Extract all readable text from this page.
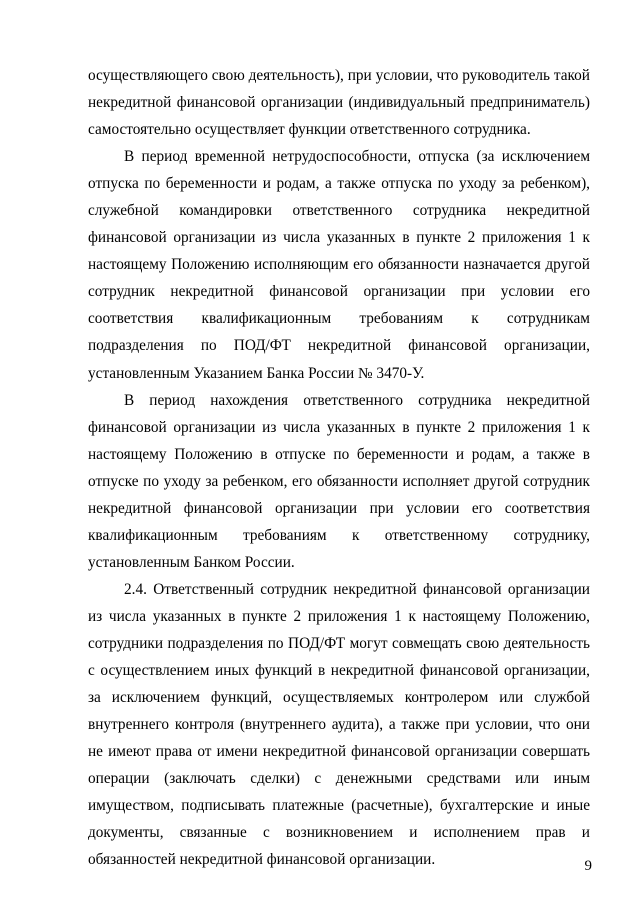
осуществляющего свою деятельность), при условии, что руководитель такой некредитной финансовой организации (индивидуальный предприниматель) самостоятельно осуществляет функции ответственного сотрудника.

В период временной нетрудоспособности, отпуска (за исключением отпуска по беременности и родам, а также отпуска по уходу за ребенком), служебной командировки ответственного сотрудника некредитной финансовой организации из числа указанных в пункте 2 приложения 1 к настоящему Положению исполняющим его обязанности назначается другой сотрудник некредитной финансовой организации при условии его соответствия квалификационным требованиям к сотрудникам подразделения по ПОД/ФТ некредитной финансовой организации, установленным Указанием Банка России № 3470-У.

В период нахождения ответственного сотрудника некредитной финансовой организации из числа указанных в пункте 2 приложения 1 к настоящему Положению в отпуске по беременности и родам, а также в отпуске по уходу за ребенком, его обязанности исполняет другой сотрудник некредитной финансовой организации при условии его соответствия квалификационным требованиям к ответственному сотруднику, установленным Банком России.

2.4. Ответственный сотрудник некредитной финансовой организации из числа указанных в пункте 2 приложения 1 к настоящему Положению, сотрудники подразделения по ПОД/ФТ могут совмещать свою деятельность с осуществлением иных функций в некредитной финансовой организации, за исключением функций, осуществляемых контролером или службой внутреннего контроля (внутреннего аудита), а также при условии, что они не имеют права от имени некредитной финансовой организации совершать операции (заключать сделки) с денежными средствами или иным имуществом, подписывать платежные (расчетные), бухгалтерские и иные документы, связанные с возникновением и исполнением прав и обязанностей некредитной финансовой организации.	9
